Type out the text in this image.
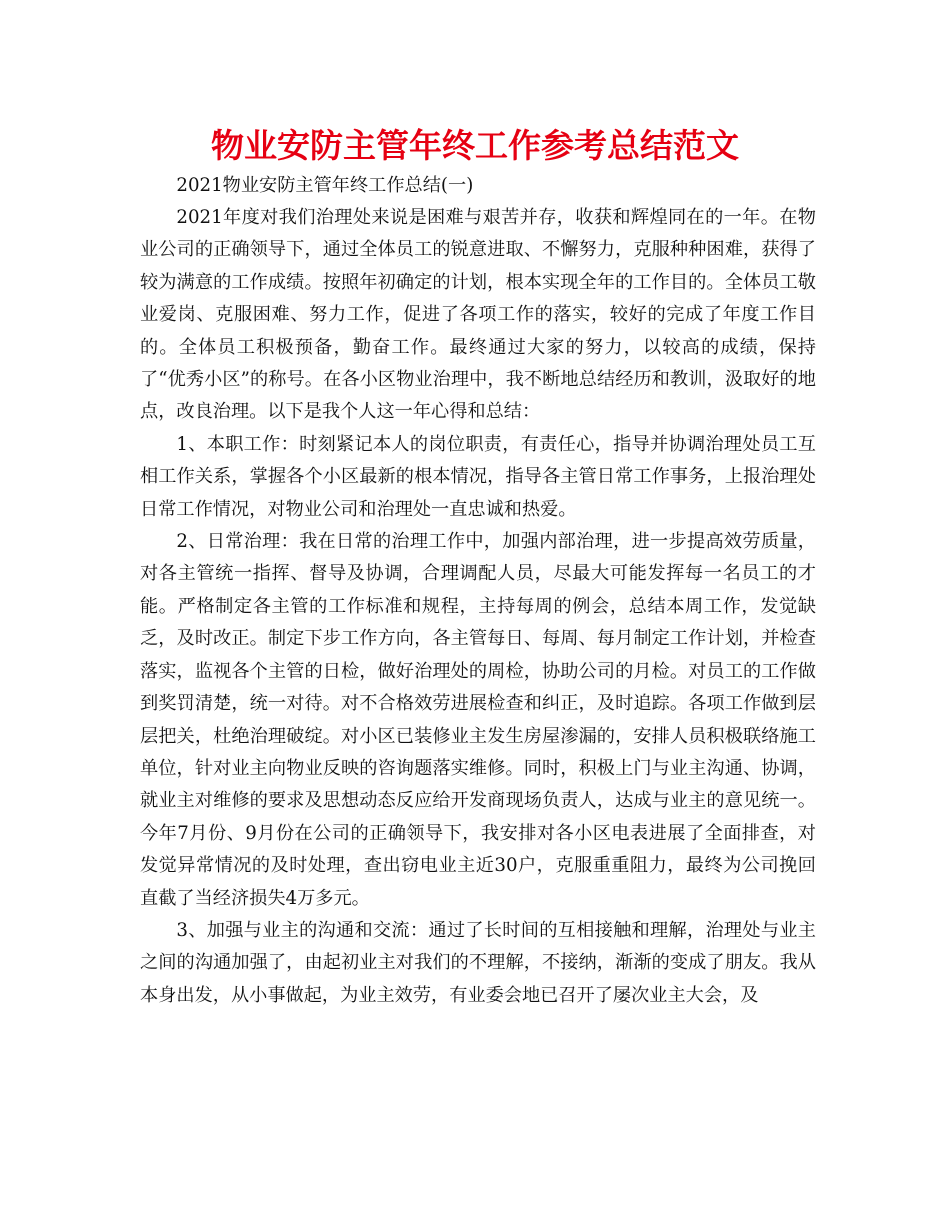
物业安防主管年终工作参考总结范文

2021物业安防主管年终工作总结(一)

2021年度对我们治理处来说是困难与艰苦并存，收获和辉煌同在的一年。在物业公司的正确领导下，通过全体员工的锐意进取、不懈努力，克服种种困难，获得了较为满意的工作成绩。按照年初确定的计划，根本实现全年的工作目的。全体员工敬业爱岗、克服困难、努力工作，促进了各项工作的落实，较好的完成了年度工作目的。全体员工积极预备，勤奋工作。最终通过大家的努力，以较高的成绩，保持了“优秀小区”的称号。在各小区物业治理中，我不断地总结经历和教训，汲取好的地点，改良治理。以下是我个人这一年心得和总结：

1、本职工作：时刻紧记本人的岗位职责，有责任心，指导并协调治理处员工互相工作关系，掌握各个小区最新的根本情况，指导各主管日常工作事务，上报治理处日常工作情况，对物业公司和治理处一直忠诚和热爱。

2、日常治理：我在日常的治理工作中，加强内部治理，进一步提高效劳质量，对各主管统一指挥、督导及协调，合理调配人员，尽最大可能发挥每一名员工的才能。严格制定各主管的工作标准和规程，主持每周的例会，总结本周工作，发觉缺乏，及时改正。制定下步工作方向，各主管每日、每周、每月制定工作计划，并检查落实，监视各个主管的日检，做好治理处的周检，协助公司的月检。对员工的工作做到奖罚清楚，统一对待。对不合格效劳进展检查和纠正，及时追踪。各项工作做到层层把关，杜绝治理破绽。对小区已装修业主发生房屋渗漏的，安排人员积极联络施工单位，针对业主向物业反映的咨询题落实维修。同时，积极上门与业主沟通、协调，就业主对维修的要求及思想动态反应给开发商现场负责人，达成与业主的意见统一。今年7月份、9月份在公司的正确领导下，我安排对各小区电表进展了全面排查，对发觉异常情况的及时处理，查出窃电业主近30户，克服重重阻力，最终为公司挽回直截了当经济损失4万多元。

3、加强与业主的沟通和交流：通过了长时间的互相接触和理解，治理处与业主之间的沟通加强了，由起初业主对我们的不理解，不接纳，渐渐的变成了朋友。我从本身出发，从小事做起，为业主效劳，有业委会地已召开了屡次业主大会，及
